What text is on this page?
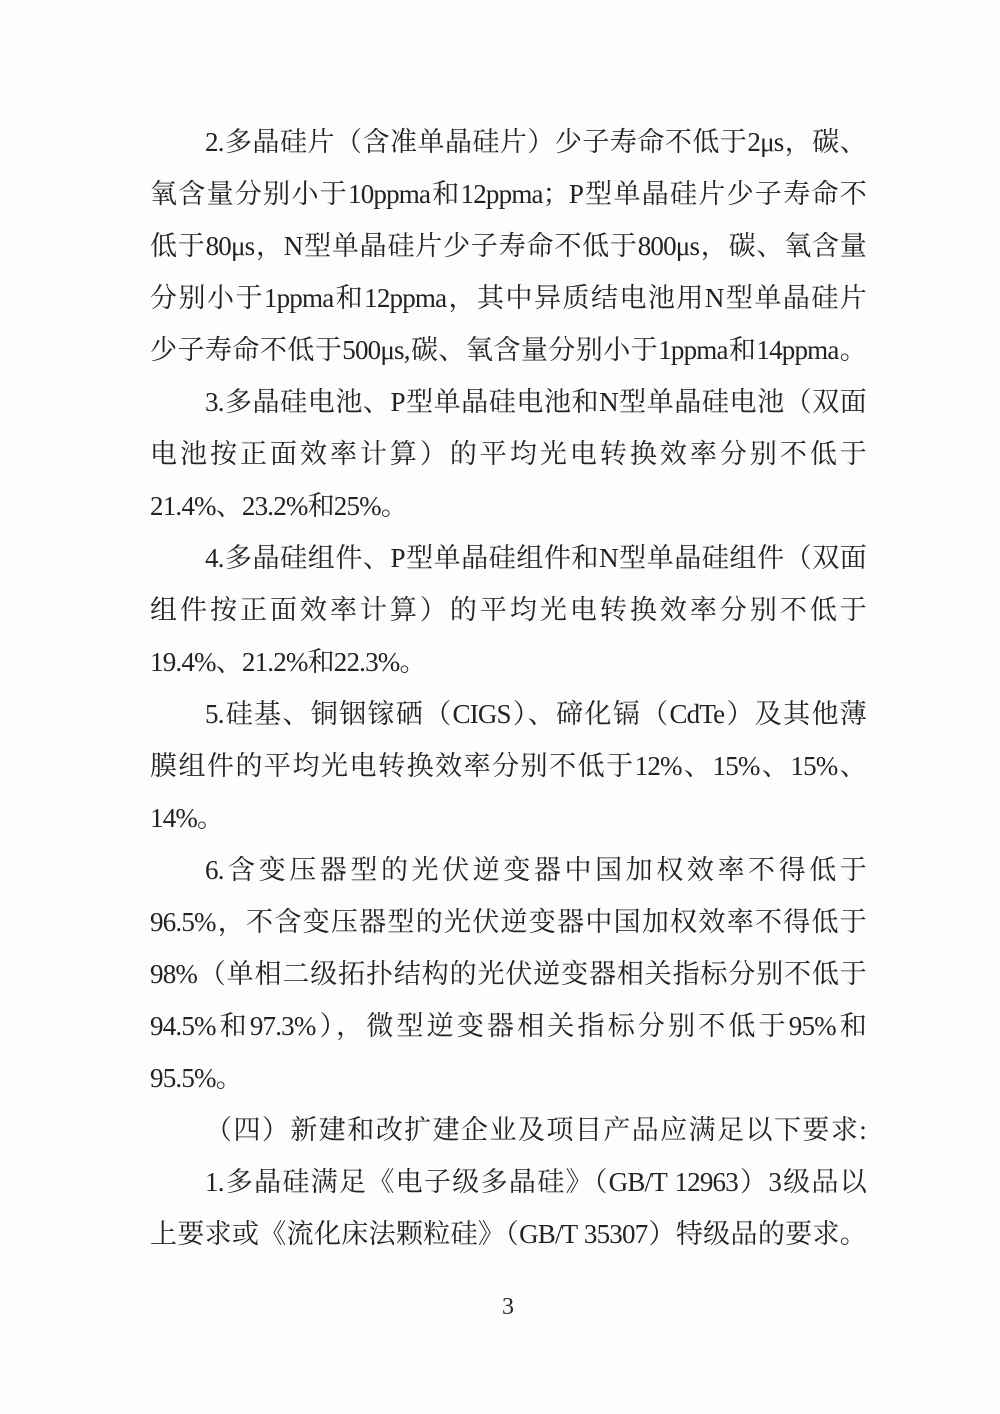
2.多晶硅片（含准单晶硅片）少子寿命不低于2μs，碳、
氧含量分别小于10ppma和12ppma；P型单晶硅片少子寿命不
低于80μs，N型单晶硅片少子寿命不低于800μs，碳、氧含量
分别小于1ppma和12ppma，其中异质结电池用N型单晶硅片
少子寿命不低于500μs,碳、氧含量分别小于1ppma和14ppma。
3.多晶硅电池、P型单晶硅电池和N型单晶硅电池（双面
电池按正面效率计算）的平均光电转换效率分别不低于
21.4%、23.2%和25%。
4.多晶硅组件、P型单晶硅组件和N型单晶硅组件（双面
组件按正面效率计算）的平均光电转换效率分别不低于
19.4%、21.2%和22.3%。
5.硅基、铜铟镓硒（CIGS）、碲化镉（CdTe）及其他薄
膜组件的平均光电转换效率分别不低于12%、15%、15%、
14%。
6.含变压器型的光伏逆变器中国加权效率不得低于
96.5%，不含变压器型的光伏逆变器中国加权效率不得低于
98%（单相二级拓扑结构的光伏逆变器相关指标分别不低于
94.5%和97.3%），微型逆变器相关指标分别不低于95%和
95.5%。
（四）新建和改扩建企业及项目产品应满足以下要求:
1.多晶硅满足《电子级多晶硅》（GB/T 12963）3级品以
上要求或《流化床法颗粒硅》（GB/T 35307）特级品的要求。
3
